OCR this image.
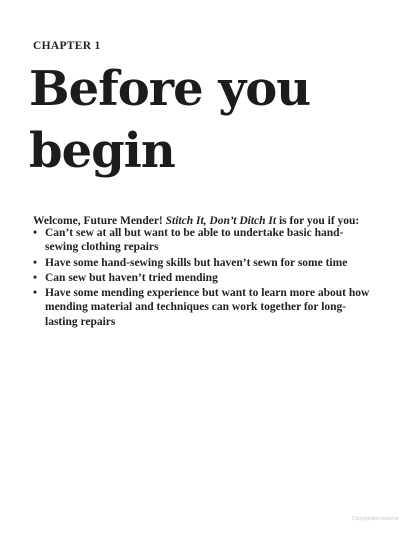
CHAPTER 1
Before you
begin

Welcome, Future Mender! Stitch It, Don’t Ditch It is for you if you:

• Can’t sew at all but want to be able to undertake basic hand-sewing clothing repairs
• Have some hand-sewing skills but haven’t sewn for some time
• Can sew but haven’t tried mending
• Have some mending experience but want to learn more about how mending material and techniques can work together for long-lasting repairs
Copyrighted material
